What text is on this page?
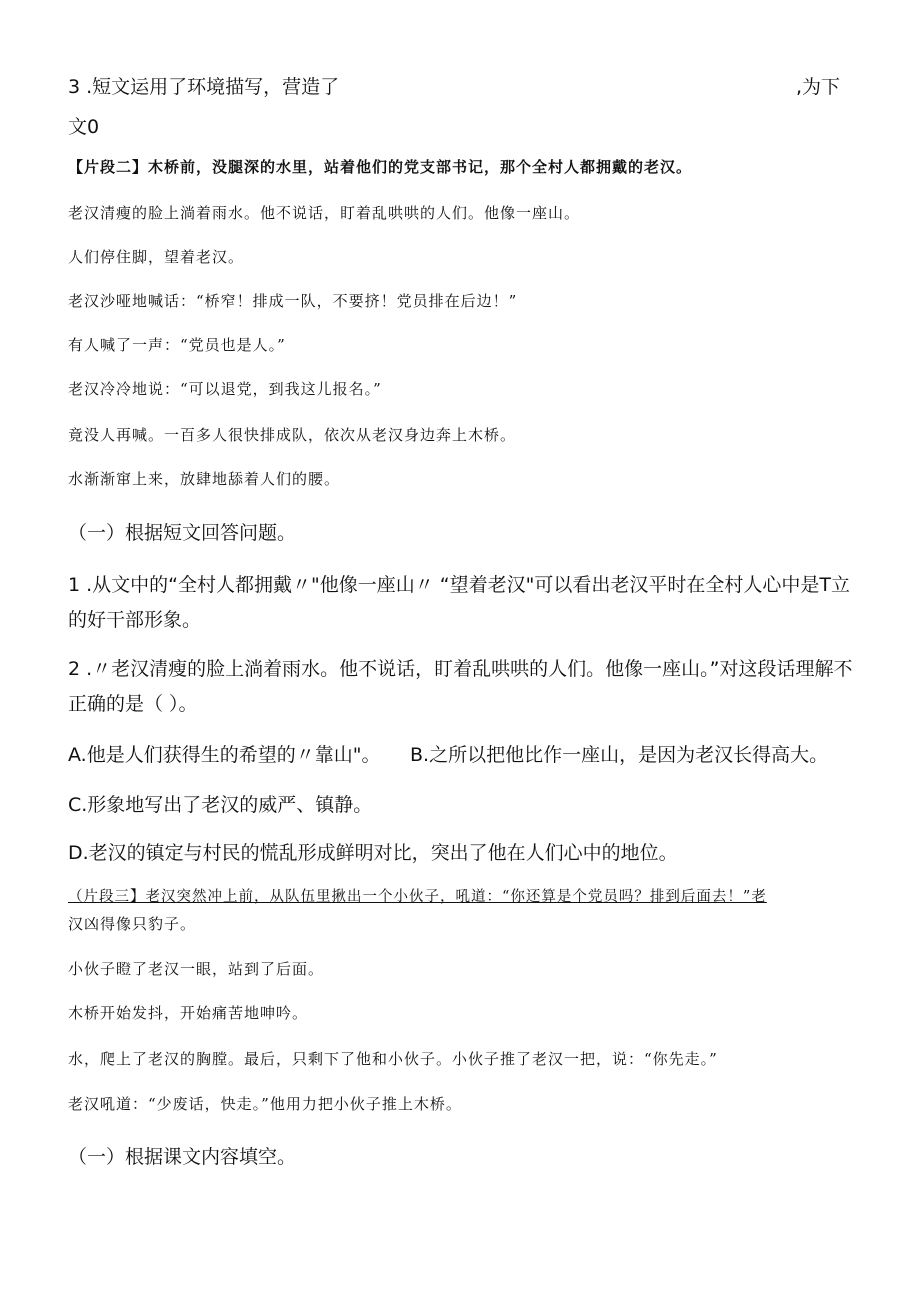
3 .短文运用了环境描写，营造了	,为下
文0
【片段二】木桥前，没腿深的水里，站着他们的党支部书记，那个全村人都拥戴的老汉。
老汉清瘦的脸上淌着雨水。他不说话，盯着乱哄哄的人们。他像一座山。
人们停住脚，望着老汉。
老汉沙哑地喊话：“桥窄！排成一队，不要挤！党员排在后边！”
有人喊了一声：“党员也是人。”
老汉冷冷地说：“可以退党，到我这儿报名。”
竟没人再喊。一百多人很快排成队，依次从老汉身边奔上木桥。
水渐渐窜上来，放肆地舔着人们的腰。
（一）根据短文回答问题。
1 .从文中的“全村人都拥戴〃"他像一座山〃 “望着老汉"可以看出老汉平时在全村人心中是T立
的好干部形象。
2 .〃老汉清瘦的脸上淌着雨水。他不说话，盯着乱哄哄的人们。他像一座山。”对这段话理解不
正确的是（ ）。
A.他是人们获得生的希望的〃靠山"。 B.之所以把他比作一座山，是因为老汉长得高大。
C.形象地写出了老汉的威严、镇静。
D.老汉的镇定与村民的慌乱形成鲜明对比，突出了他在人们心中的地位。
（片段三】老汉突然冲上前，从队伍里揪出一个小伙子，吼道：“你还算是个党员吗？排到后面去！”老
汉凶得像只豹子。
小伙子瞪了老汉一眼，站到了后面。
木桥开始发抖，开始痛苦地呻吟。
水，爬上了老汉的胸膛。最后，只剩下了他和小伙子。小伙子推了老汉一把，说：“你先走。”
老汉吼道：“少废话，快走。”他用力把小伙子推上木桥。
（一）根据课文内容填空。
